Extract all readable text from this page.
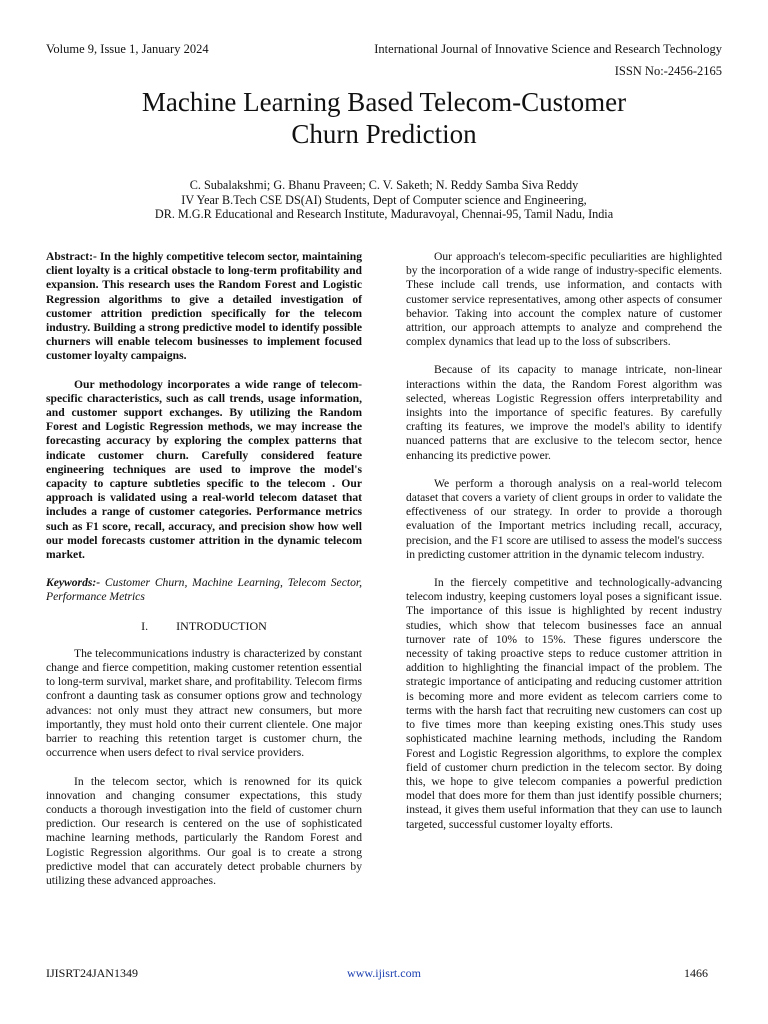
Volume 9, Issue 1, January 2024	International Journal of Innovative Science and Research Technology
ISSN No:-2456-2165
Machine Learning Based Telecom-Customer
Churn Prediction
C. Subalakshmi; G. Bhanu Praveen; C. V. Saketh; N. Reddy Samba Siva Reddy
IV Year B.Tech CSE DS(AI) Students, Dept of Computer science and Engineering,
DR. M.G.R Educational and Research Institute, Maduravoyal, Chennai-95, Tamil Nadu, India

Abstract:- In the highly competitive telecom sector, maintaining client loyalty is a critical obstacle to long-term profitability and expansion. This research uses the Random Forest and Logistic Regression algorithms to give a detailed investigation of customer attrition prediction specifically for the telecom industry. Building a strong predictive model to identify possible churners will enable telecom businesses to implement focused customer loyalty campaigns.

Our methodology incorporates a wide range of telecom-specific characteristics, such as call trends, usage information, and customer support exchanges. By utilizing the Random Forest and Logistic Regression methods, we may increase the forecasting accuracy by exploring the complex patterns that indicate customer churn. Carefully considered feature engineering techniques are used to improve the model's capacity to capture subtleties specific to the telecom . Our approach is validated using a real-world telecom dataset that includes a range of customer categories. Performance metrics such as F1 score, recall, accuracy, and precision show how well our model forecasts customer attrition in the dynamic telecom market.

Keywords:- Customer Churn, Machine Learning, Telecom Sector, Performance Metrics

I. INTRODUCTION

The telecommunications industry is characterized by constant change and fierce competition, making customer retention essential to long-term survival, market share, and profitability. Telecom firms confront a daunting task as consumer options grow and technology advances: not only must they attract new consumers, but more importantly, they must hold onto their current clientele. One major barrier to reaching this retention target is customer churn, the occurrence when users defect to rival service providers.

In the telecom sector, which is renowned for its quick innovation and changing consumer expectations, this study conducts a thorough investigation into the field of customer churn prediction. Our research is centered on the use of sophisticated machine learning methods, particularly the Random Forest and Logistic Regression algorithms. Our goal is to create a strong predictive model that can accurately detect probable churners by utilizing these advanced approaches.

Our approach's telecom-specific peculiarities are highlighted by the incorporation of a wide range of industry-specific elements. These include call trends, use information, and contacts with customer service representatives, among other aspects of consumer behavior. Taking into account the complex nature of customer attrition, our approach attempts to analyze and comprehend the complex dynamics that lead up to the loss of subscribers.

Because of its capacity to manage intricate, non-linear interactions within the data, the Random Forest algorithm was selected, whereas Logistic Regression offers interpretability and insights into the importance of specific features. By carefully crafting its features, we improve the model's ability to identify nuanced patterns that are exclusive to the telecom sector, hence enhancing its predictive power.

We perform a thorough analysis on a real-world telecom dataset that covers a variety of client groups in order to validate the effectiveness of our strategy. In order to provide a thorough evaluation of the Important metrics including recall, accuracy, precision, and the F1 score are utilised to assess the model's success in predicting customer attrition in the dynamic telecom industry.

In the fiercely competitive and technologically-advancing telecom industry, keeping customers loyal poses a significant issue. The importance of this issue is highlighted by recent industry studies, which show that telecom businesses face an annual turnover rate of 10% to 15%. These figures underscore the necessity of taking proactive steps to reduce customer attrition in addition to highlighting the financial impact of the problem. The strategic importance of anticipating and reducing customer attrition is becoming more and more evident as telecom carriers come to terms with the harsh fact that recruiting new customers can cost up to five times more than keeping existing ones.This study uses sophisticated machine learning methods, including the Random Forest and Logistic Regression algorithms, to explore the complex field of customer churn prediction in the telecom sector. By doing this, we hope to give telecom companies a powerful prediction model that does more for them than just identify possible churners; instead, it gives them useful information that they can use to launch targeted, successful customer loyalty efforts.

IJISRT24JAN1349	www.ijisrt.com	1466
